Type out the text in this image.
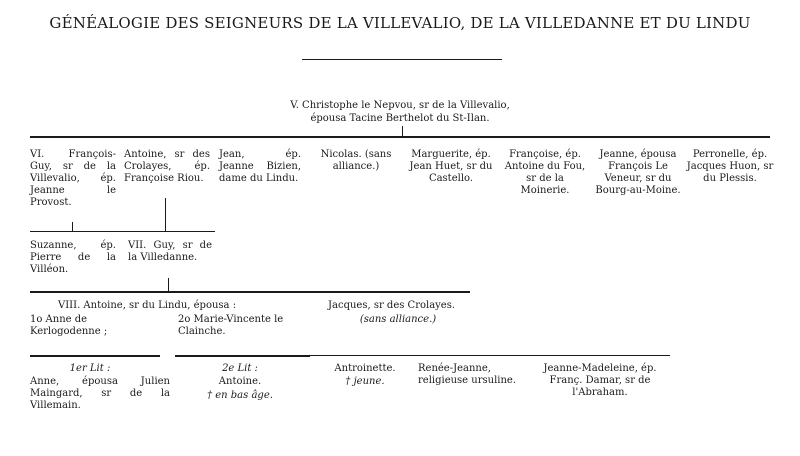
GÉNÉALOGIE DES SEIGNEURS DE LA VILLEVALIO, DE LA VILLEDANNE ET DU LINDU
V. Christophe le Nepvou, sr de la Villevalio,
épousa Tacine Berthelot du St-Ilan.
VI. François-Guy, sr de la Villevalio, ép. Jeanne le Provost.
Antoine, sr des Crolayes, ép. Françoise Riou.
Jean, ép. Jeanne Bizien, dame du Lindu.
Nicolas. (sans alliance.)
Marguerite, ép. Jean Huet, sr du Castello.
Françoise, ép. Antoine du Fou, sr de la Moinerie.
Jeanne, épousa François Le Veneur, sr du Bourg-au-Moine.
Perronelle, ép. Jacques Huon, sr du Plessis.
Suzanne, ép. Pierre de la Villéon.
VII. Guy, sr de la Villedanne.
VIII. Antoine, sr du Lindu, épousa :
1o Anne de Kerlogodenne ;
2o Marie-Vincente le Clainche.
Jacques, sr des Crolayes.
(sans alliance.)
1er Lit :
Anne, épousa Julien Maingard, sr de la Villemain.
2e Lit :
Antoine.
† en bas âge.
Antroinette.
† jeune.
Renée-Jeanne, religieuse ursuline.
Jeanne-Madeleine, ép. Franç. Damar, sr de l'Abraham.
